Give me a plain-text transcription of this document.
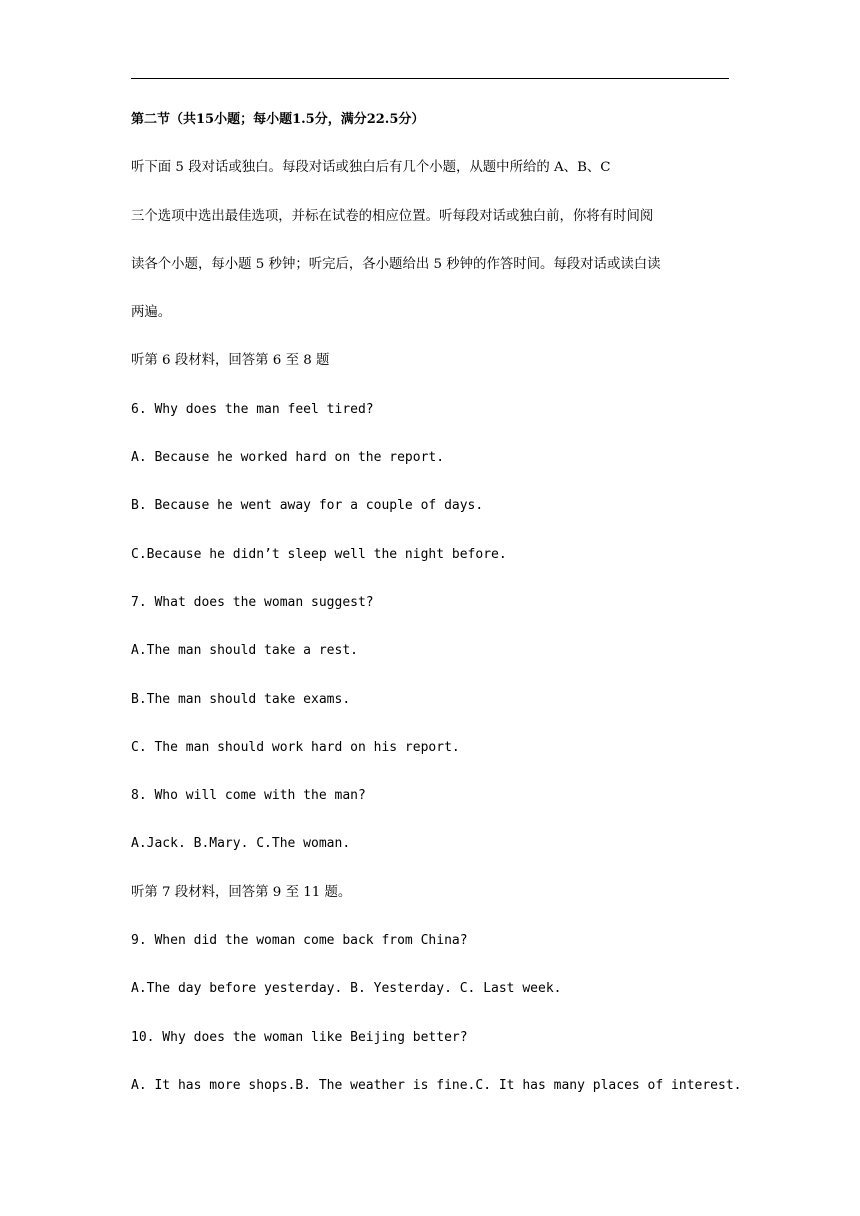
第二节（共15小题；每小题1.5分，满分22.5分）
听下面 5 段对话或独白。每段对话或独白后有几个小题，从题中所给的 A、B、C
三个选项中选出最佳选项，并标在试卷的相应位置。听每段对话或独白前，你将有时间阅
读各个小题，每小题 5 秒钟；听完后，各小题给出 5 秒钟的作答时间。每段对话或读白读
两遍。
听第 6 段材料，回答第 6 至 8 题
6. Why does the man feel tired?
A. Because he worked hard on the report.
B. Because he went away for a couple of days.
C.Because he didn’t sleep well the night before.
7. What does the woman suggest?
A.The man should take a rest.
B.The man should take exams.
C. The man should work hard on his report.
8. Who will come with the man?
A.Jack. B.Mary. C.The woman.
听第 7 段材料，回答第 9 至 11 题。
9. When did the woman come back from China?
A.The day before yesterday. B. Yesterday. C. Last week.
10. Why does the woman like Beijing better?
A. It has more shops.B. The weather is fine.C. It has many places of interest.
